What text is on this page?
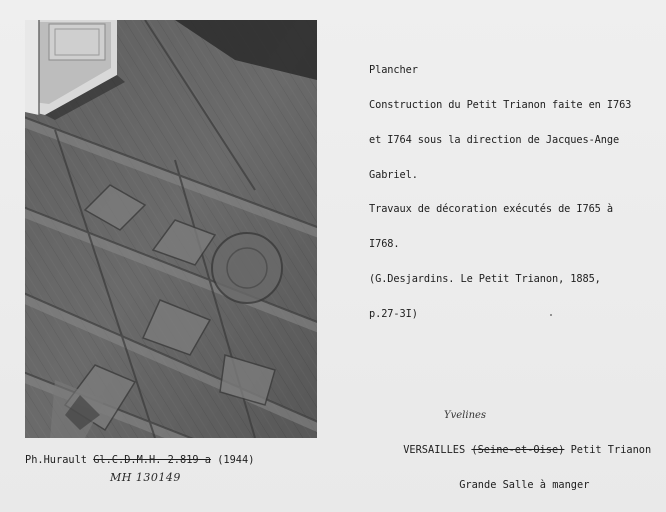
Plancher

Construction du Petit Trianon faite en I763

et I764 sous la direction de Jacques-Ange

Gabriel.

Travaux de décoration exécutés de I765 à

I768.

(G.Desjardins. Le Petit Trianon, 1885,

p.27-3I)

Yvelines

VERSAILLES (Seine-et-Oise) Petit Trianon

Grande Salle à manger

Ph.Hurault Gl.C.D.M.H. 2.819 a (1944)
MH 130149
